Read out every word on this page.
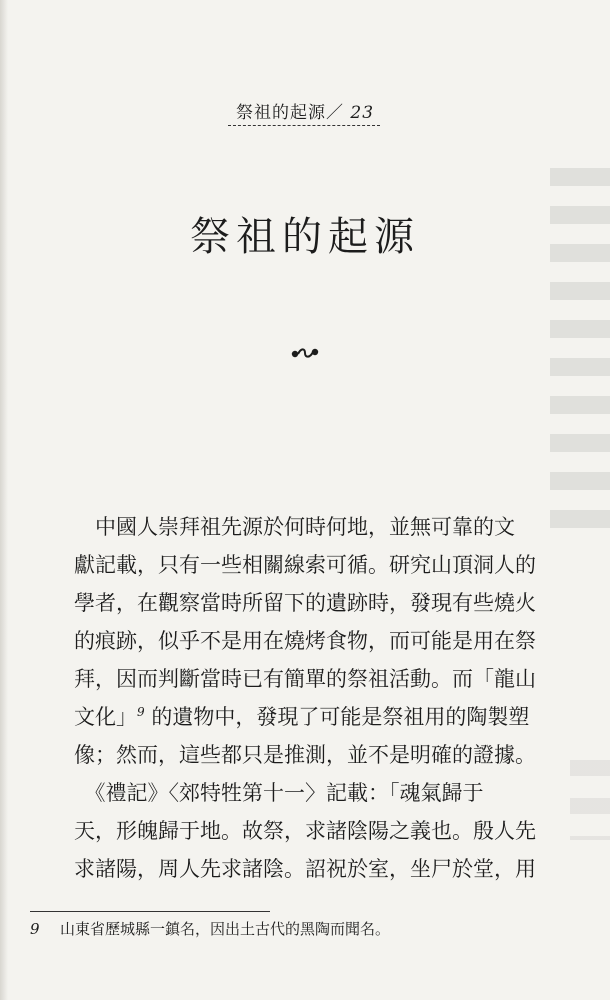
祭祖的起源／ 23
祭祖的起源

　中國人崇拜祖先源於何時何地，並無可靠的文
獻記載，只有一些相關線索可循。研究山頂洞人的
學者，在觀察當時所留下的遺跡時，發現有些燒火
的痕跡，似乎不是用在燒烤食物，而可能是用在祭
拜，因而判斷當時已有簡單的祭祖活動。而「龍山
文化」$^9$ 的遺物中，發現了可能是祭祖用的陶製塑
像；然而，這些都只是推測，並不是明確的證據。

　《禮記》〈郊特牲第十一〉記載：「魂氣歸于
天，形魄歸于地。故祭，求諸陰陽之義也。殷人先
求諸陽，周人先求諸陰。詔祝於室，坐尸於堂，用

9 山東省歷城縣一鎮名，因出土古代的黑陶而聞名。
